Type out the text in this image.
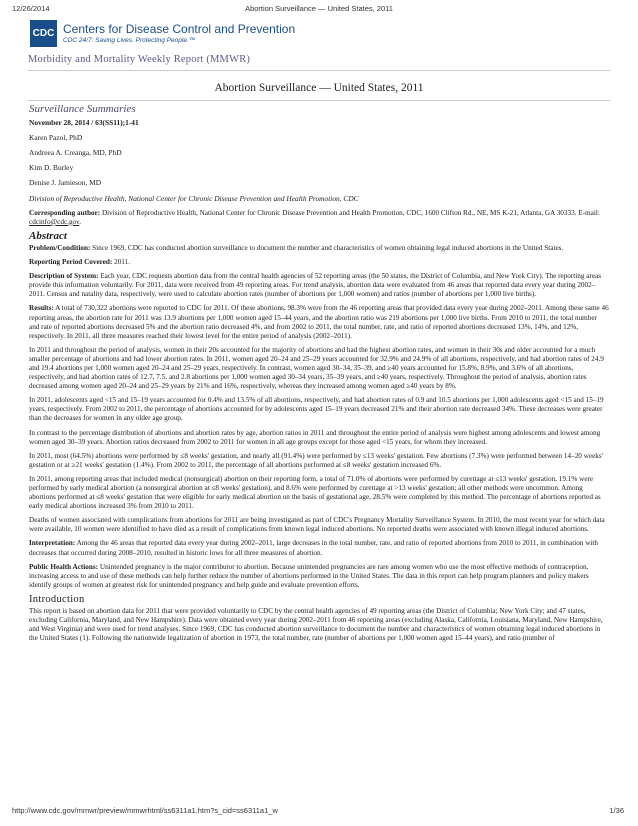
12/26/2014	Abortion Surveillance — United States, 2011
CDC Centers for Disease Control and Prevention
CDC 24/7: Saving Lives. Protecting People.™
Morbidity and Mortality Weekly Report (MMWR)
Abortion Surveillance — United States, 2011
Surveillance Summaries
November 28, 2014 / 63(SS11);1-41
Karen Pazol, PhD
Andreea A. Creanga, MD, PhD
Kim D. Burley
Denise J. Jamieson, MD
Division of Reproductive Health, National Center for Chronic Disease Prevention and Health Promotion, CDC

Corresponding author: Division of Reproductive Health, National Center for Chronic Disease Prevention and Health Promotion, CDC, 1600 Clifton Rd., NE, MS K-21, Atlanta, GA 30333. E-mail: cdcinfo@cdc.gov.

Abstract

Problem/Condition: Since 1969, CDC has conducted abortion surveillance to document the number and characteristics of women obtaining legal induced abortions in the United States.

Reporting Period Covered: 2011.

Description of System: Each year, CDC requests abortion data from the central health agencies of 52 reporting areas (the 50 states, the District of Columbia, and New York City). The reporting areas provide this information voluntarily. For 2011, data were received from 49 reporting areas. For trend analysis, abortion data were evaluated from 46 areas that reported data every year during 2002–2011. Census and natality data, respectively, were used to calculate abortion rates (number of abortions per 1,000 women) and ratios (number of abortions per 1,000 live births).

Results: A total of 730,322 abortions were reported to CDC for 2011. Of these abortions, 98.3% were from the 46 reporting areas that provided data every year during 2002–2011. Among these same 46 reporting areas, the abortion rate for 2011 was 13.9 abortions per 1,000 women aged 15–44 years, and the abortion ratio was 219 abortions per 1,000 live births. From 2010 to 2011, the total number and rate of reported abortions decreased 5% and the abortion ratio decreased 4%, and from 2002 to 2011, the total number, rate, and ratio of reported abortions decreased 13%, 14%, and 12%, respectively. In 2011, all three measures reached their lowest level for the entire period of analysis (2002–2011).

In 2011 and throughout the period of analysis, women in their 20s accounted for the majority of abortions and had the highest abortion rates, and women in their 30s and older accounted for a much smaller percentage of abortions and had lower abortion rates. In 2011, women aged 20–24 and 25–29 years accounted for 32.9% and 24.9% of all abortions, respectively, and had abortion rates of 24.9 and 19.4 abortions per 1,000 women aged 20–24 and 25–29 years, respectively. In contrast, women aged 30–34, 35–39, and ≥40 years accounted for 15.8%, 8.9%, and 3.6% of all abortions, respectively, and had abortion rates of 12.7, 7.5, and 2.8 abortions per 1,000 women aged 30–34 years, 35–39 years, and ≥40 years, respectively. Throughout the period of analysis, abortion rates decreased among women aged 20–24 and 25–29 years by 21% and 16%, respectively, whereas they increased among women aged ≥40 years by 8%.

In 2011, adolescents aged <15 and 15–19 years accounted for 0.4% and 13.5% of all abortions, respectively, and had abortion rates of 0.9 and 10.5 abortions per 1,000 adolescents aged <15 and 15–19 years, respectively. From 2002 to 2011, the percentage of abortions accounted for by adolescents aged 15–19 years decreased 21% and their abortion rate decreased 34%. These decreases were greater than the decreases for women in any older age group.

In contrast to the percentage distribution of abortions and abortion rates by age, abortion ratios in 2011 and throughout the entire period of analysis were highest among adolescents and lowest among women aged 30–39 years. Abortion ratios decreased from 2002 to 2011 for women in all age groups except for those aged <15 years, for whom they increased.

In 2011, most (64.5%) abortions were performed by ≤8 weeks' gestation, and nearly all (91.4%) were performed by ≤13 weeks' gestation. Few abortions (7.3%) were performed between 14–20 weeks' gestation or at ≥21 weeks' gestation (1.4%). From 2002 to 2011, the percentage of all abortions performed at ≤8 weeks' gestation increased 6%.

In 2011, among reporting areas that included medical (nonsurgical) abortion on their reporting form, a total of 71.0% of abortions were performed by curettage at ≤13 weeks' gestation, 19.1% were performed by early medical abortion (a nonsurgical abortion at ≤8 weeks' gestation), and 8.6% were performed by curettage at >13 weeks' gestation; all other methods were uncommon. Among abortions performed at ≤8 weeks' gestation that were eligible for early medical abortion on the basis of gestational age, 28.5% were completed by this method. The percentage of abortions reported as early medical abortions increased 3% from 2010 to 2011.

Deaths of women associated with complications from abortions for 2011 are being investigated as part of CDC's Pregnancy Mortality Surveillance System. In 2010, the most recent year for which data were available, 10 women were identified to have died as a result of complications from known legal induced abortions. No reported deaths were associated with known illegal induced abortions.

Interpretation: Among the 46 areas that reported data every year during 2002–2011, large decreases in the total number, rate, and ratio of reported abortions from 2010 to 2011, in combination with decreases that occurred during 2008–2010, resulted in historic lows for all three measures of abortion.

Public Health Actions: Unintended pregnancy is the major contributor to abortion. Because unintended pregnancies are rare among women who use the most effective methods of contraception, increasing access to and use of these methods can help further reduce the number of abortions performed in the United States. The data in this report can help program planners and policy makers identify groups of women at greatest risk for unintended pregnancy and help guide and evaluate prevention efforts.

Introduction

This report is based on abortion data for 2011 that were provided voluntarily to CDC by the central health agencies of 49 reporting areas (the District of Columbia; New York City; and 47 states, excluding California, Maryland, and New Hampshire). Data were obtained every year during 2002–2011 from 46 reporting areas (excluding Alaska, California, Louisiana, Maryland, New Hampshire, and West Virginia) and were used for trend analyses. Since 1969, CDC has conducted abortion surveillance to document the number and characteristics of women obtaining legal induced abortions in the United States (1). Following the nationwide legalization of abortion in 1973, the total number, rate (number of abortions per 1,000 women aged 15–44 years), and ratio (number of

http://www.cdc.gov/mmwr/preview/mmwrhtml/ss6311a1.htm?s_cid=ss6311a1_w	1/36
